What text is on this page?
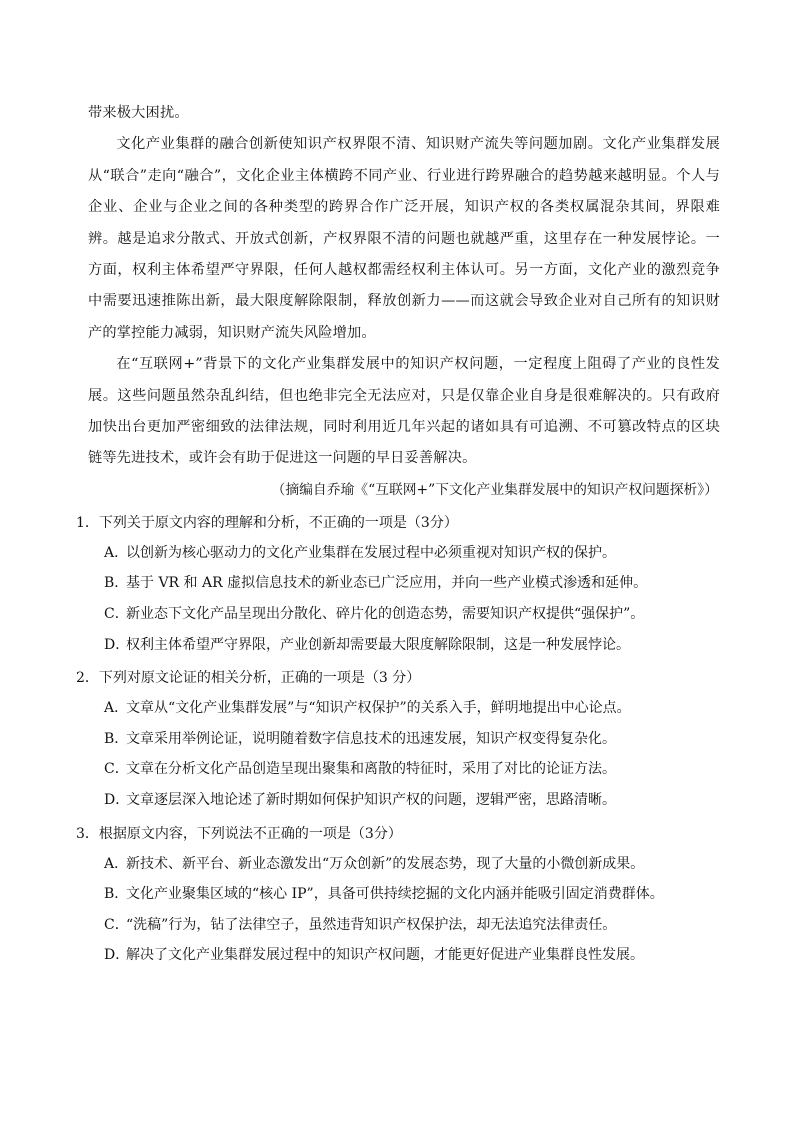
带来极大困扰。

文化产业集群的融合创新使知识产权界限不清、知识财产流失等问题加剧。文化产业集群发展从“联合”走向“融合”，文化企业主体横跨不同产业、行业进行跨界融合的趋势越来越明显。个人与企业、企业与企业之间的各种类型的跨界合作广泛开展，知识产权的各类权属混杂其间，界限难辨。越是追求分散式、开放式创新，产权界限不清的问题也就越严重，这里存在一种发展悖论。一方面，权利主体希望严守界限，任何人越权都需经权利主体认可。另一方面，文化产业的激烈竞争中需要迅速推陈出新，最大限度解除限制，释放创新力——而这就会导致企业对自己所有的知识财产的掌控能力减弱，知识财产流失风险增加。

在“互联网+”背景下的文化产业集群发展中的知识产权问题，一定程度上阻碍了产业的良性发展。这些问题虽然杂乱纠结，但也绝非完全无法应对，只是仅靠企业自身是很难解决的。只有政府加快出台更加严密细致的法律法规，同时利用近几年兴起的诸如具有可追溯、不可篡改特点的区块链等先进技术，或许会有助于促进这一问题的早日妥善解决。

（摘编自乔瑜《“互联网+”下文化产业集群发展中的知识产权问题探析》）

1．下列关于原文内容的理解和分析，不正确的一项是（3分）

A．以创新为核心驱动力的文化产业集群在发展过程中必须重视对知识产权的保护。

B．基于 VR 和 AR 虚拟信息技术的新业态已广泛应用，并向一些产业模式渗透和延伸。

C．新业态下文化产品呈现出分散化、碎片化的创造态势，需要知识产权提供“强保护”。

D．权利主体希望严守界限，产业创新却需要最大限度解除限制，这是一种发展悖论。

2．下列对原文论证的相关分析，正确的一项是（3 分）

A．文章从“文化产业集群发展”与“知识产权保护”的关系入手，鲜明地提出中心论点。

B．文章采用举例论证，说明随着数字信息技术的迅速发展，知识产权变得复杂化。

C．文章在分析文化产品创造呈现出聚集和离散的特征时，采用了对比的论证方法。

D．文章逐层深入地论述了新时期如何保护知识产权的问题，逻辑严密，思路清晰。

3．根据原文内容，下列说法不正确的一项是（3分）

A．新技术、新平台、新业态激发出“万众创新”的发展态势，现了大量的小微创新成果。

B．文化产业聚集区域的“核心 IP”，具备可供持续挖掘的文化内涵并能吸引固定消费群体。

C．“洗稿”行为，钻了法律空子，虽然违背知识产权保护法，却无法追究法律责任。

D．解决了文化产业集群发展过程中的知识产权问题，才能更好促进产业集群良性发展。
